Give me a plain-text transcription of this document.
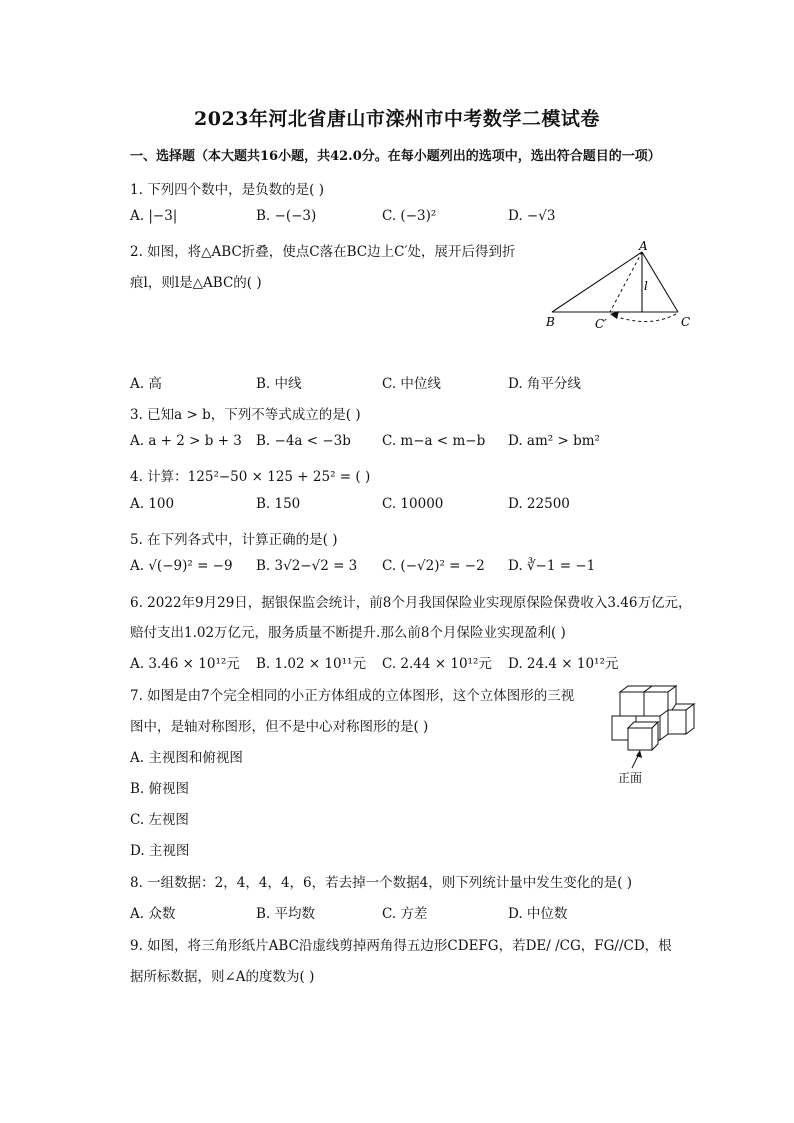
2023年河北省唐山市滦州市中考数学二模试卷
一、选择题（本大题共16小题，共42.0分。在每小题列出的选项中，选出符合题目的一项）
1. 下列四个数中，是负数的是( )
A. |−3|	B. −(−3)	C. (−3)²	D. −√3
2. 如图，将△ABC折叠，使点C落在BC边上C′处，展开后得到折
痕l，则l是△ABC的( )
A
B	C
C′
l
A. 高	B. 中线	C. 中位线	D. 角平分线
3. 已知a > b，下列不等式成立的是( )
A. a + 2 > b + 3 B. −4a < −3b C. m−a < m−b D. am² > bm²
4. 计算：125²−50 × 125 + 25² = ( )
A. 100	B. 150	C. 10000	D. 22500
5. 在下列各式中，计算正确的是( )
A. √(−9)² = −9 B. 3√2−√2 = 3 C. (−√2)² = −2 D. ∛−1 = −1
6. 2022年9月29日，据银保监会统计，前8个月我国保险业实现原保险保费收入3.46万亿元，
赔付支出1.02万亿元，服务质量不断提升.那么前8个月保险业实现盈利( )
A. 3.46 × 10¹²元 B. 1.02 × 10¹¹元 C. 2.44 × 10¹²元 D. 24.4 × 10¹²元
7. 如图是由7个完全相同的小正方体组成的立体图形，这个立体图形的三视
图中，是轴对称图形，但不是中心对称图形的是( )
正面
A. 主视图和俯视图
B. 俯视图
C. 左视图
D. 主视图
8. 一组数据：2，4，4，4，6，若去掉一个数据4，则下列统计量中发生变化的是( )
A. 众数	B. 平均数	C. 方差	D. 中位数
9. 如图，将三角形纸片ABC沿虚线剪掉两角得五边形CDEFG，若DE/ /CG，FG//CD，根
据所标数据，则∠A的度数为( )
